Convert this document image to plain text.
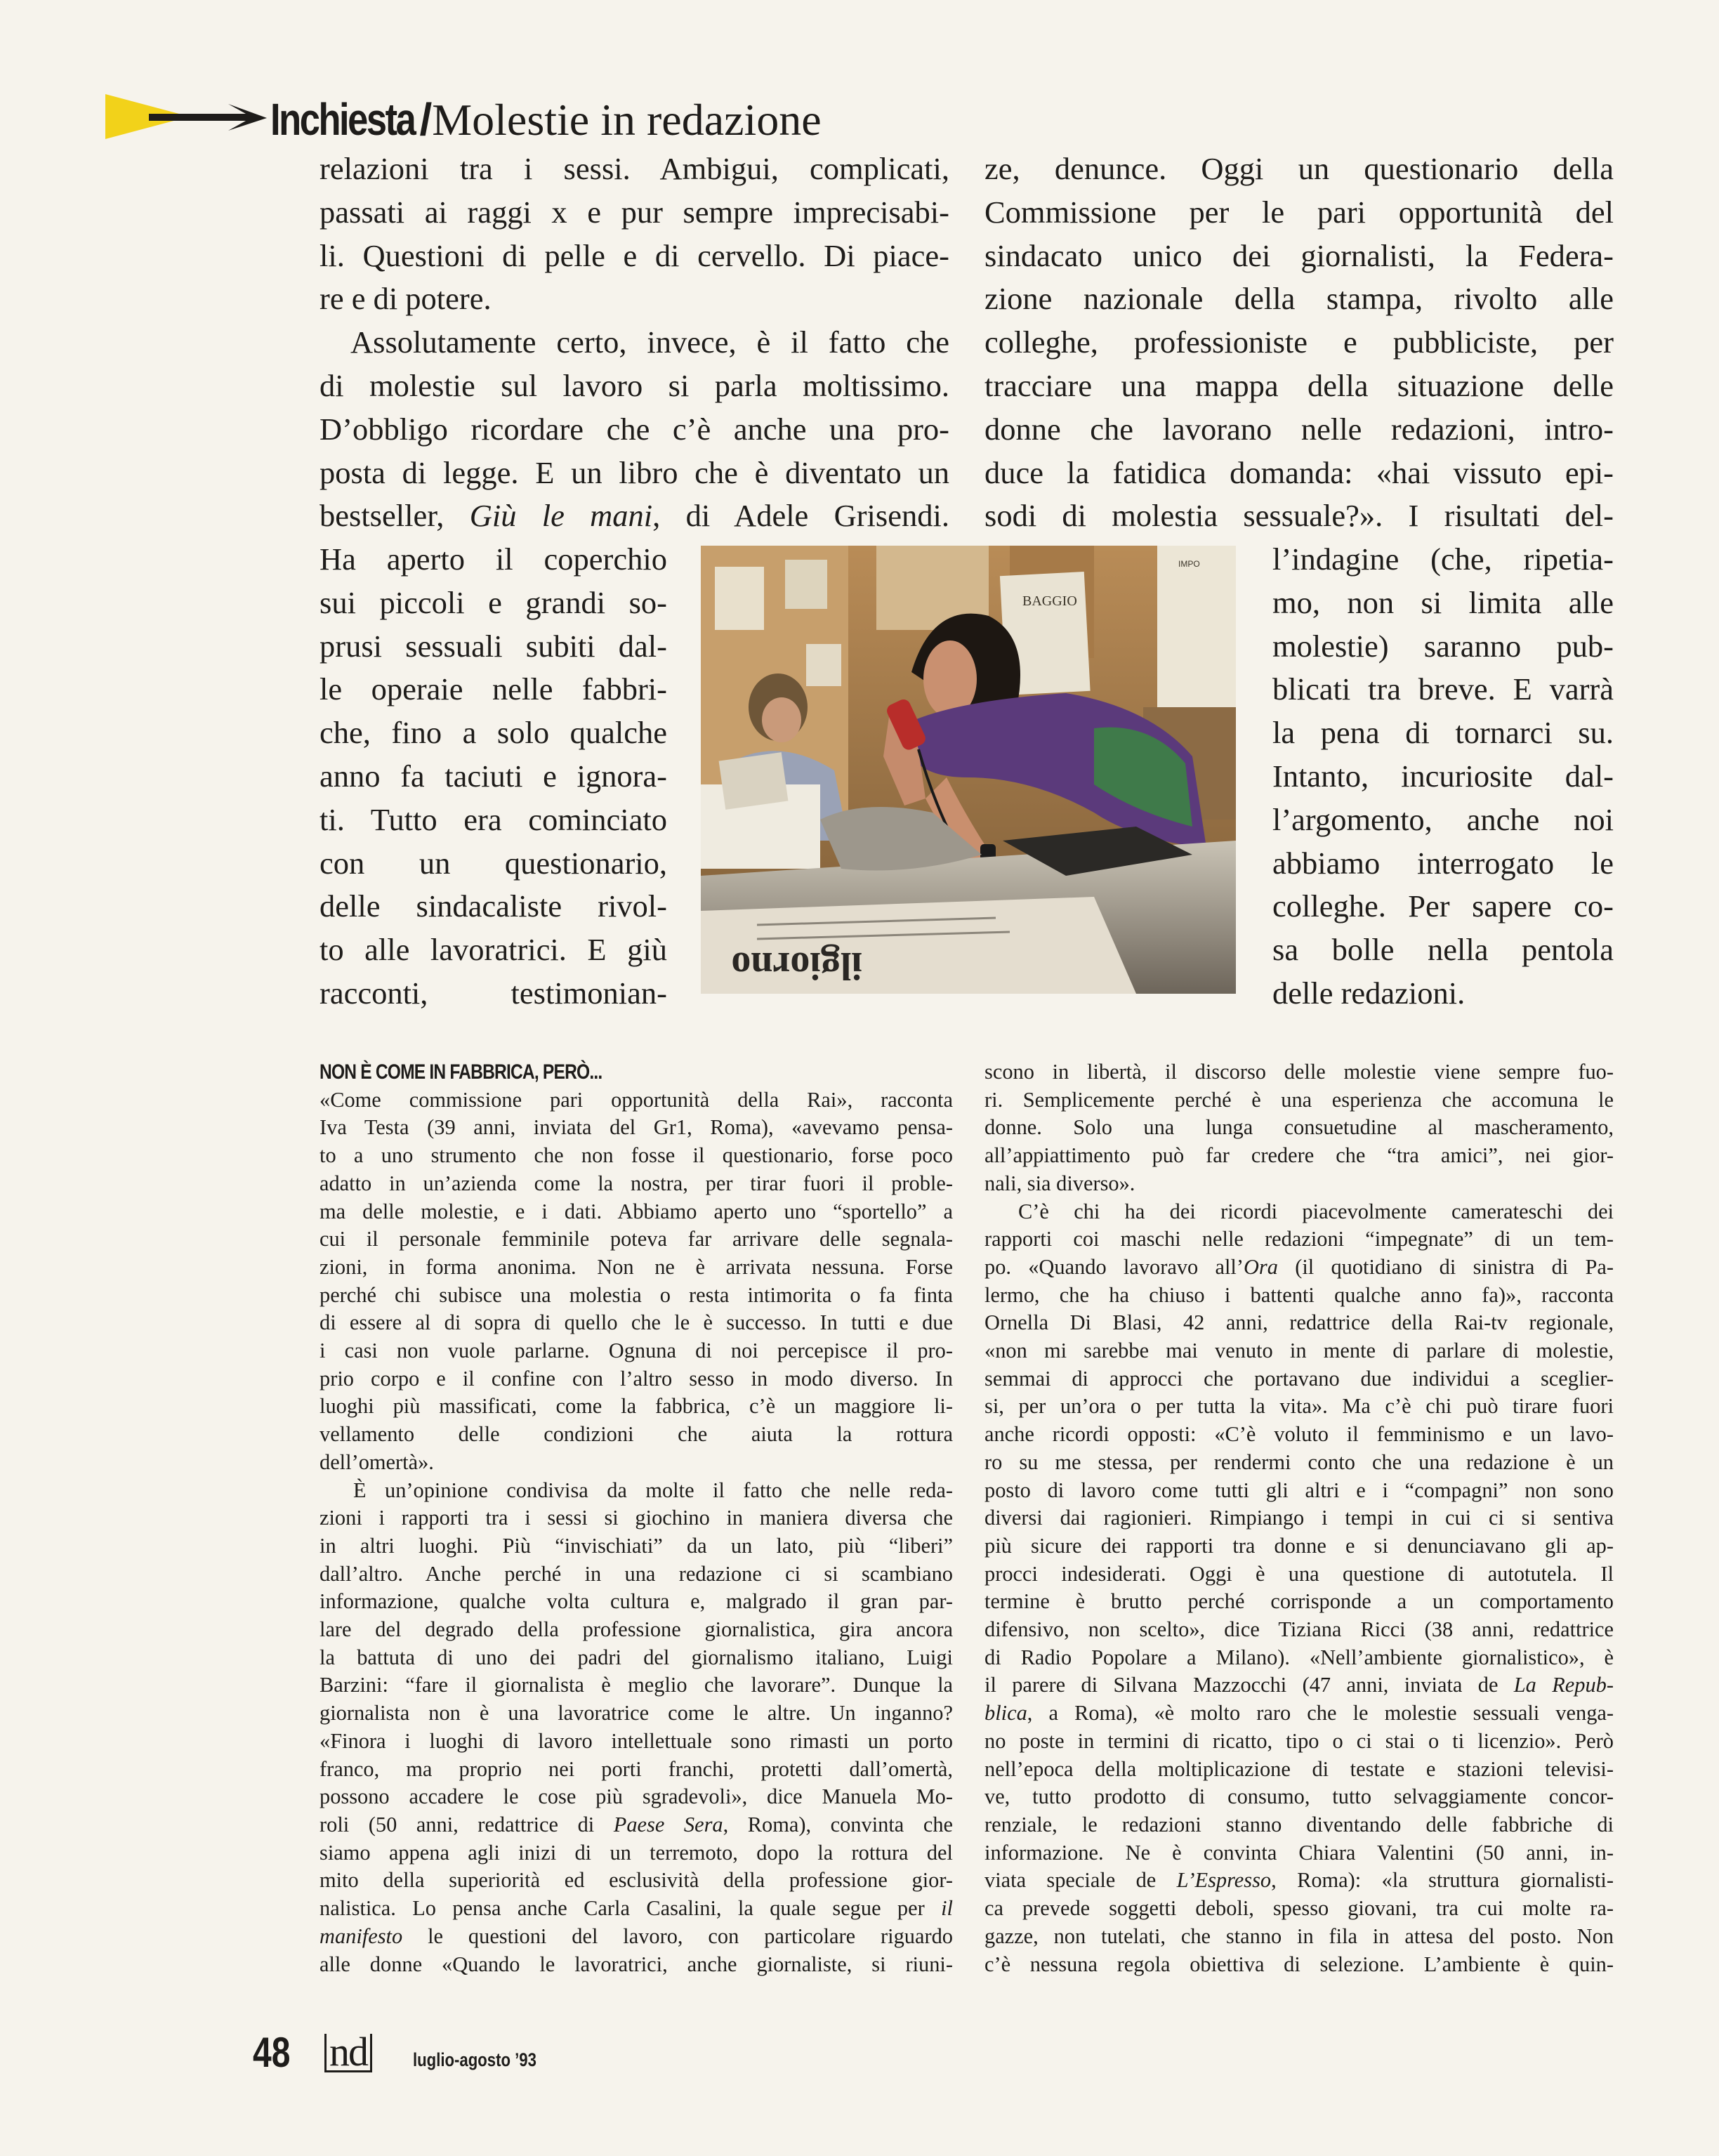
Inchiesta /Molestie in redazione
relazioni tra i sessi. Ambigui, complicati,
passati ai raggi x e pur sempre imprecisabi-
li. Questioni di pelle e di cervello. Di piace-
re e di potere.
Assolutamente certo, invece, è il fatto che
di molestie sul lavoro si parla moltissimo.
D’obbligo ricordare che c’è anche una pro-
posta di legge. E un libro che è diventato un
bestseller, Giù le mani, di Adele Grisendi.
Ha aperto il coperchio
sui piccoli e grandi so-
prusi sessuali subiti dal-
le operaie nelle fabbri-
che, fino a solo qualche
anno fa taciuti e ignora-
ti. Tutto era cominciato
con un questionario,
delle sindacaliste rivol-
to alle lavoratrici. E giù
racconti, testimonian-
ze, denunce. Oggi un questionario della
Commissione per le pari opportunità del
sindacato unico dei giornalisti, la Federa-
zione nazionale della stampa, rivolto alle
colleghe, professioniste e pubbliciste, per
tracciare una mappa della situazione delle
donne che lavorano nelle redazioni, intro-
duce la fatidica domanda: «hai vissuto epi-
sodi di molestia sessuale?». I risultati del-
l’indagine (che, ripetia-
mo, non si limita alle
molestie) saranno pub-
blicati tra breve. E varrà
la pena di tornarci su.
Intanto, incuriosite dal-
l’argomento, anche noi
abbiamo interrogato le
colleghe. Per sapere co-
sa bolle nella pentola
delle redazioni.
BAGGIO
IMPO
ilgiorno
NON È COME IN FABBRICA, PERÒ...
«Come commissione pari opportunità della Rai», racconta
Iva Testa (39 anni, inviata del Gr1, Roma), «avevamo pensa-
to a uno strumento che non fosse il questionario, forse poco
adatto in un’azienda come la nostra, per tirar fuori il proble-
ma delle molestie, e i dati. Abbiamo aperto uno “sportello” a
cui il personale femminile poteva far arrivare delle segnala-
zioni, in forma anonima. Non ne è arrivata nessuna. Forse
perché chi subisce una molestia o resta intimorita o fa finta
di essere al di sopra di quello che le è successo. In tutti e due
i casi non vuole parlarne. Ognuna di noi percepisce il pro-
prio corpo e il confine con l’altro sesso in modo diverso. In
luoghi più massificati, come la fabbrica, c’è un maggiore li-
vellamento delle condizioni che aiuta la rottura
dell’omertà».
È un’opinione condivisa da molte il fatto che nelle reda-
zioni i rapporti tra i sessi si giochino in maniera diversa che
in altri luoghi. Più “invischiati” da un lato, più “liberi”
dall’altro. Anche perché in una redazione ci si scambiano
informazione, qualche volta cultura e, malgrado il gran par-
lare del degrado della professione giornalistica, gira ancora
la battuta di uno dei padri del giornalismo italiano, Luigi
Barzini: “fare il giornalista è meglio che lavorare”. Dunque la
giornalista non è una lavoratrice come le altre. Un inganno?
«Finora i luoghi di lavoro intellettuale sono rimasti un porto
franco, ma proprio nei porti franchi, protetti dall’omertà,
possono accadere le cose più sgradevoli», dice Manuela Mo-
roli (50 anni, redattrice di Paese Sera, Roma), convinta che
siamo appena agli inizi di un terremoto, dopo la rottura del
mito della superiorità ed esclusività della professione gior-
nalistica. Lo pensa anche Carla Casalini, la quale segue per il
manifesto le questioni del lavoro, con particolare riguardo
alle donne «Quando le lavoratrici, anche giornaliste, si riuni-
scono in libertà, il discorso delle molestie viene sempre fuo-
ri. Semplicemente perché è una esperienza che accomuna le
donne. Solo una lunga consuetudine al mascheramento,
all’appiattimento può far credere che “tra amici”, nei gior-
nali, sia diverso».
C’è chi ha dei ricordi piacevolmente camerateschi dei
rapporti coi maschi nelle redazioni “impegnate” di un tem-
po. «Quando lavoravo all’Ora (il quotidiano di sinistra di Pa-
lermo, che ha chiuso i battenti qualche anno fa)», racconta
Ornella Di Blasi, 42 anni, redattrice della Rai-tv regionale,
«non mi sarebbe mai venuto in mente di parlare di molestie,
semmai di approcci che portavano due individui a sceglier-
si, per un’ora o per tutta la vita». Ma c’è chi può tirare fuori
anche ricordi opposti: «C’è voluto il femminismo e un lavo-
ro su me stessa, per rendermi conto che una redazione è un
posto di lavoro come tutti gli altri e i “compagni” non sono
diversi dai ragionieri. Rimpiango i tempi in cui ci si sentiva
più sicure dei rapporti tra donne e si denunciavano gli ap-
procci indesiderati. Oggi è una questione di autotutela. Il
termine è brutto perché corrisponde a un comportamento
difensivo, non scelto», dice Tiziana Ricci (38 anni, redattrice
di Radio Popolare a Milano). «Nell’ambiente giornalistico», è
il parere di Silvana Mazzocchi (47 anni, inviata de La Repub-
blica, a Roma), «è molto raro che le molestie sessuali venga-
no poste in termini di ricatto, tipo o ci stai o ti licenzio». Però
nell’epoca della moltiplicazione di testate e stazioni televisi-
ve, tutto prodotto di consumo, tutto selvaggiamente concor-
renziale, le redazioni stanno diventando delle fabbriche di
informazione. Ne è convinta Chiara Valentini (50 anni, in-
viata speciale de L’Espresso, Roma): «la struttura giornalisti-
ca prevede soggetti deboli, spesso giovani, tra cui molte ra-
gazze, non tutelati, che stanno in fila in attesa del posto. Non
c’è nessuna regola obiettiva di selezione. L’ambiente è quin-
48 nd luglio-agosto ’93
